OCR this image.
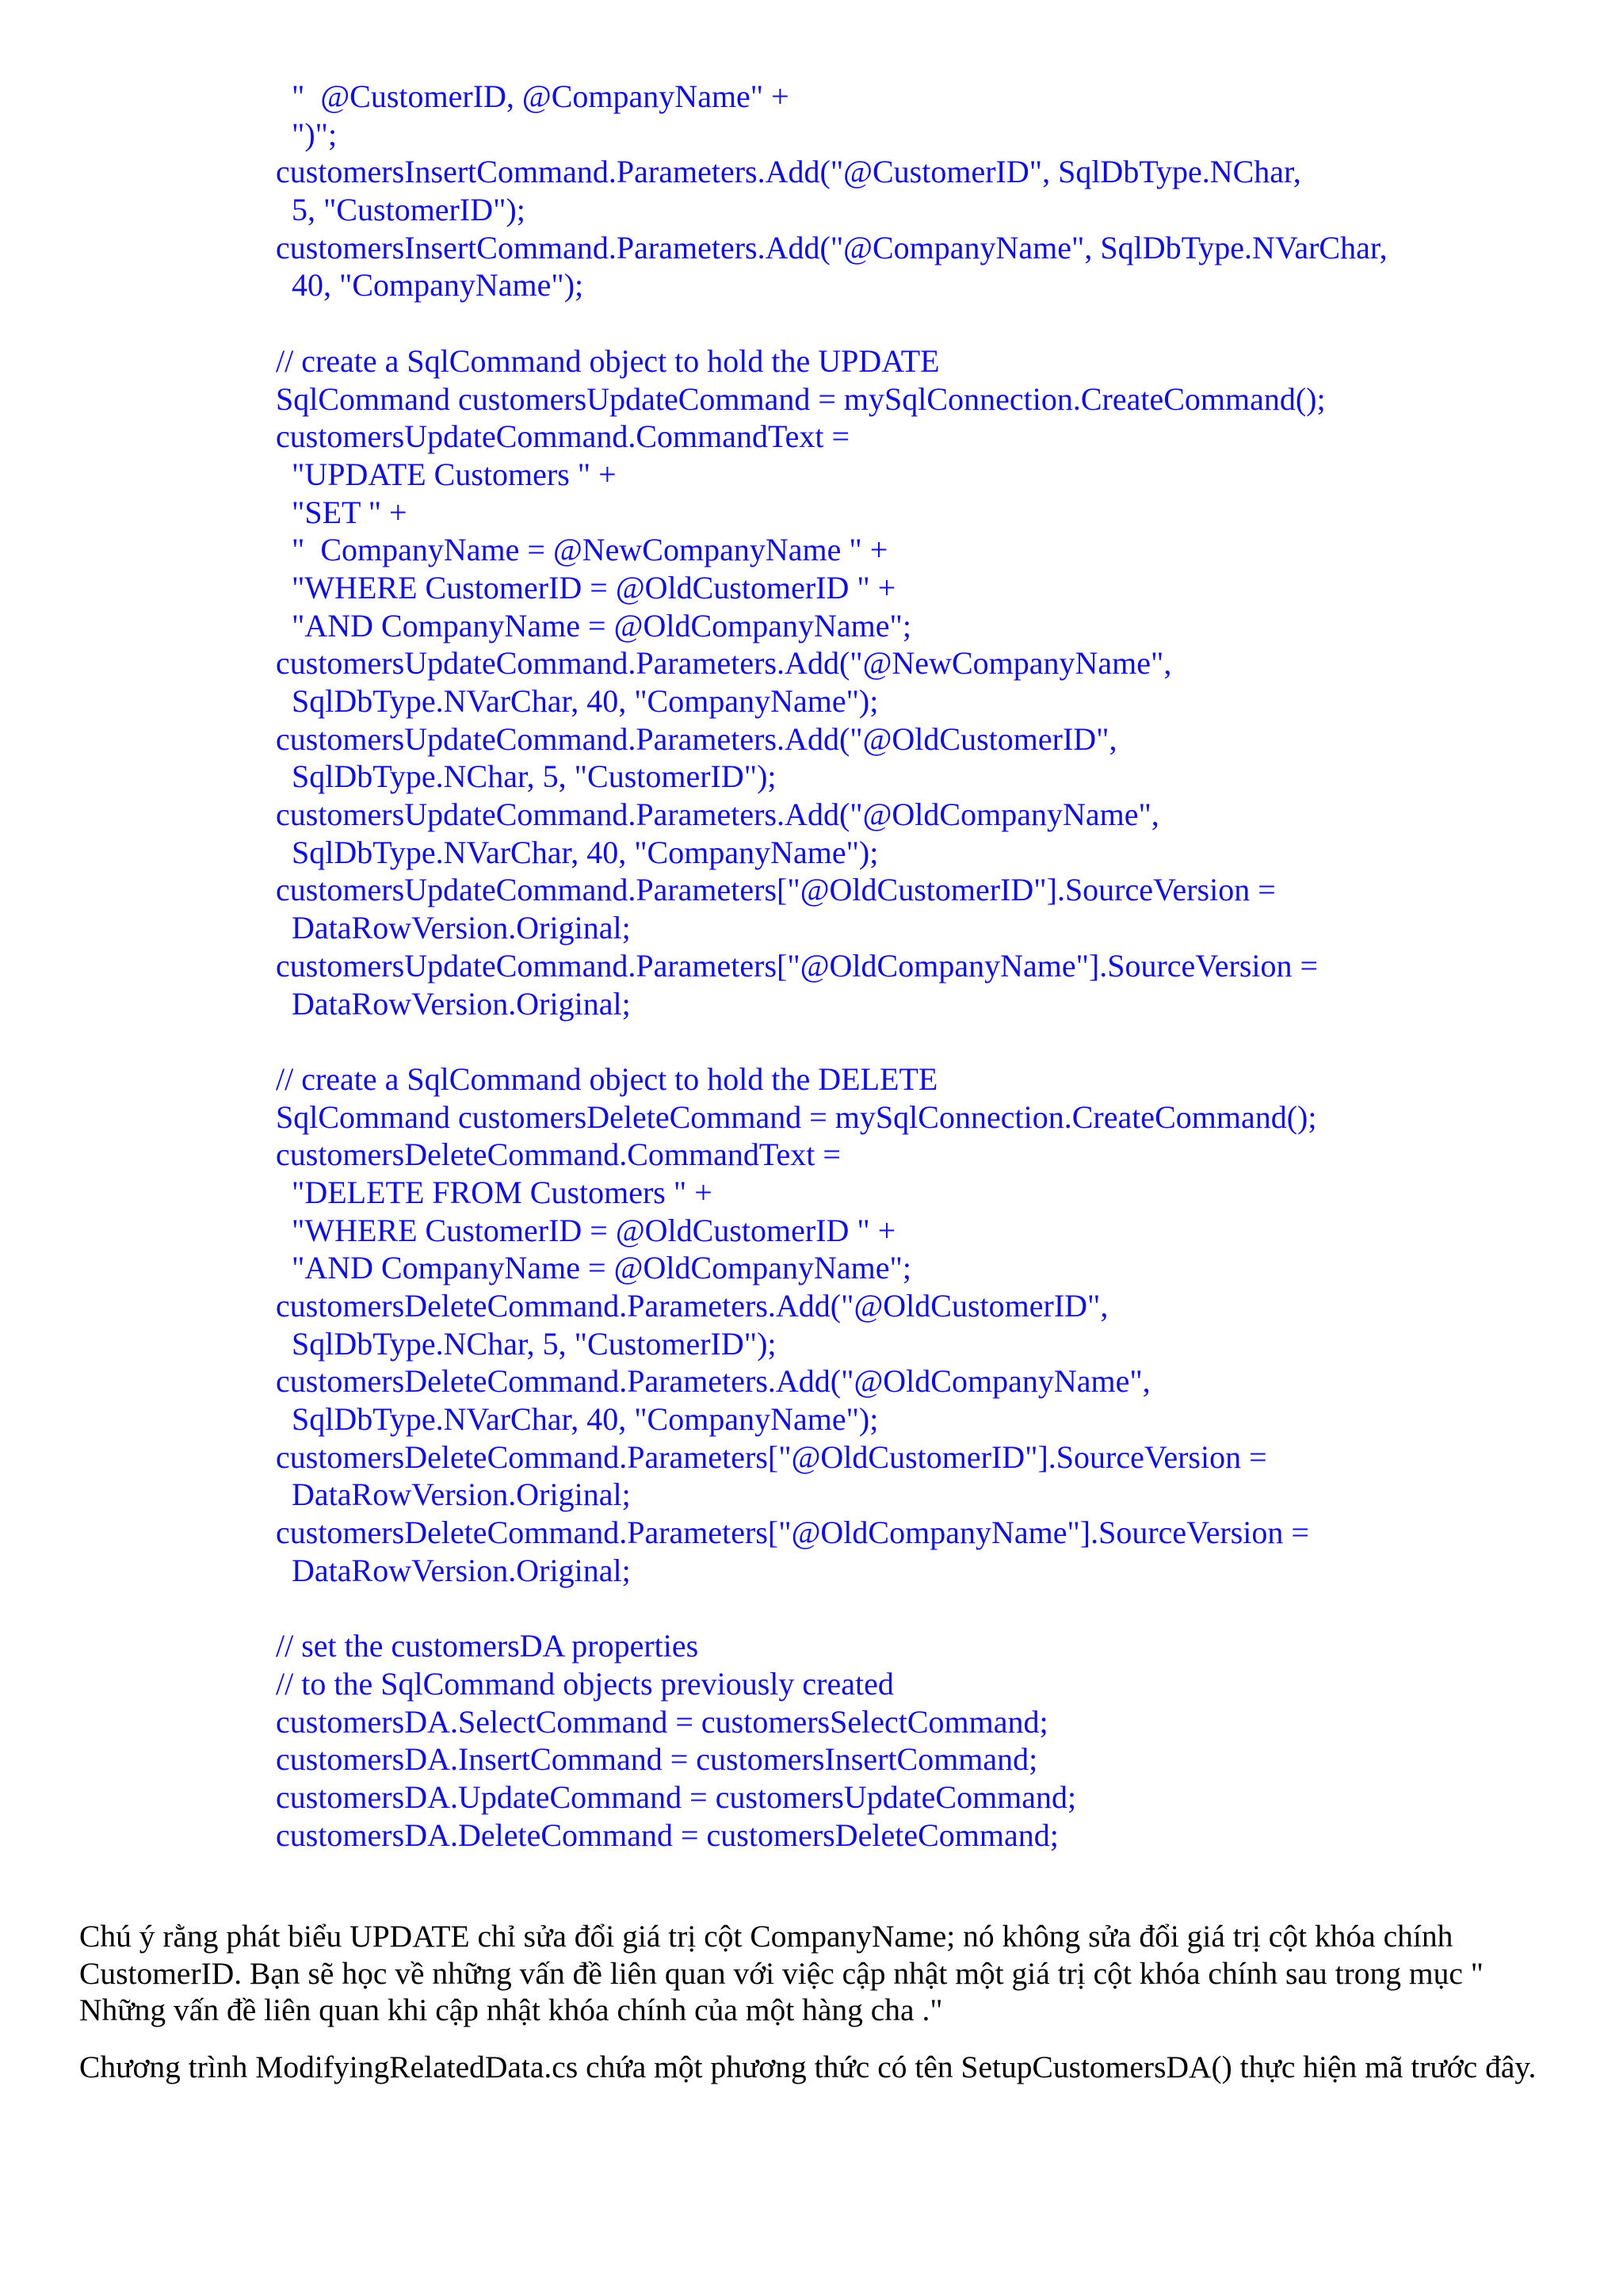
"  @CustomerID, @CompanyName" +
")";
customersInsertCommand.Parameters.Add("@CustomerID", SqlDbType.NChar,
5, "CustomerID");
customersInsertCommand.Parameters.Add("@CompanyName", SqlDbType.NVarChar,
40, "CompanyName");
// create a SqlCommand object to hold the UPDATE
SqlCommand customersUpdateCommand = mySqlConnection.CreateCommand();
customersUpdateCommand.CommandText =
"UPDATE Customers " +
"SET " +
"  CompanyName = @NewCompanyName " +
"WHERE CustomerID = @OldCustomerID " +
"AND CompanyName = @OldCompanyName";
customersUpdateCommand.Parameters.Add("@NewCompanyName",
SqlDbType.NVarChar, 40, "CompanyName");
customersUpdateCommand.Parameters.Add("@OldCustomerID",
SqlDbType.NChar, 5, "CustomerID");
customersUpdateCommand.Parameters.Add("@OldCompanyName",
SqlDbType.NVarChar, 40, "CompanyName");
customersUpdateCommand.Parameters["@OldCustomerID"].SourceVersion =
DataRowVersion.Original;
customersUpdateCommand.Parameters["@OldCompanyName"].SourceVersion =
DataRowVersion.Original;
// create a SqlCommand object to hold the DELETE
SqlCommand customersDeleteCommand = mySqlConnection.CreateCommand();
customersDeleteCommand.CommandText =
"DELETE FROM Customers " +
"WHERE CustomerID = @OldCustomerID " +
"AND CompanyName = @OldCompanyName";
customersDeleteCommand.Parameters.Add("@OldCustomerID",
SqlDbType.NChar, 5, "CustomerID");
customersDeleteCommand.Parameters.Add("@OldCompanyName",
SqlDbType.NVarChar, 40, "CompanyName");
customersDeleteCommand.Parameters["@OldCustomerID"].SourceVersion =
DataRowVersion.Original;
customersDeleteCommand.Parameters["@OldCompanyName"].SourceVersion =
DataRowVersion.Original;
// set the customersDA properties
// to the SqlCommand objects previously created
customersDA.SelectCommand = customersSelectCommand;
customersDA.InsertCommand = customersInsertCommand;
customersDA.UpdateCommand = customersUpdateCommand;
customersDA.DeleteCommand = customersDeleteCommand;

Chú ý rằng phát biểu UPDATE chỉ sửa đổi giá trị cột CompanyName; nó không sửa đổi giá trị cột khóa chính CustomerID. Bạn sẽ học về những vấn đề liên quan với việc cập nhật một giá trị cột khóa chính sau trong mục " Những vấn đề liên quan khi cập nhật khóa chính của một hàng cha ."

Chương trình ModifyingRelatedData.cs chứa một phương thức có tên SetupCustomersDA() thực hiện mã trước đây.
